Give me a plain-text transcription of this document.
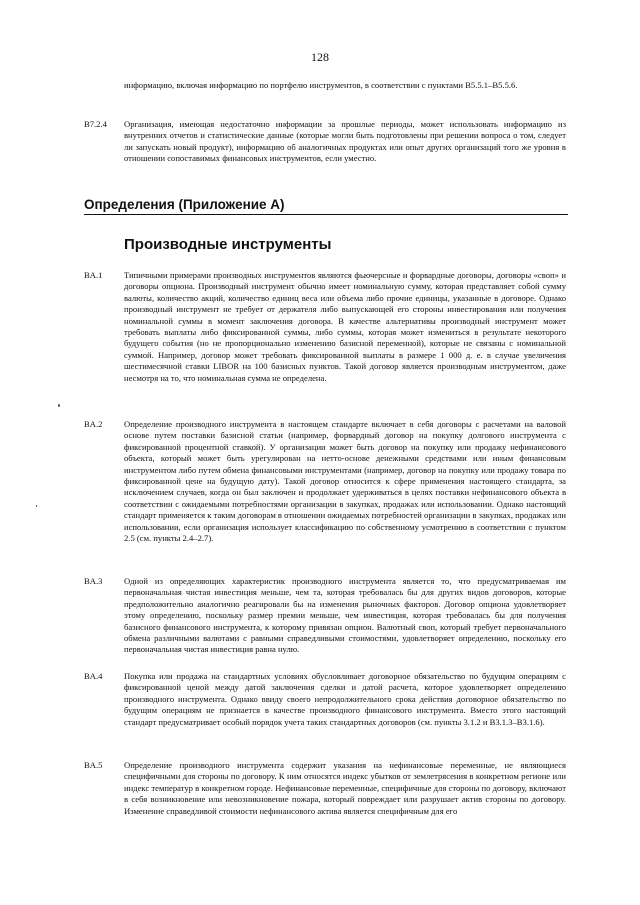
128
информацию, включая информацию по портфелю инструментов, в соответствии с пунктами В5.5.1–В5.5.6.
B7.2.4 Организация, имеющая недостаточно информации за прошлые периоды, может использовать информацию из внутренних отчетов и статистические данные (которые могли быть подготовлены при решении вопроса о том, следует ли запускать новый продукт), информацию об аналогичных продуктах или опыт других организаций того же уровня в отношении сопоставимых финансовых инструментов, если уместно.
Определения (Приложение А)
Производные инструменты
BA.1	Типичными примерами производных инструментов являются фьючерсные и форвардные договоры, договоры «своп» и договоры опциона. Производный инструмент обычно имеет номинальную сумму, которая представляет собой сумму валюты, количество акций, количество единиц веса или объема либо прочие единицы, указанные в договоре. Однако производный инструмент не требует от держателя либо выпускающей его стороны инвестирования или получения номинальной суммы в момент заключения договора. В качестве альтернативы производный инструмент может требовать выплаты либо фиксированной суммы, либо суммы, которая может измениться в результате некоторого будущего события (но не пропорционально изменению базисной переменной), которые не связаны с номинальной суммой. Например, договор может требовать фиксированной выплаты в размере 1 000 д. е. в случае увеличения шестимесячной ставки LIBOR на 100 базисных пунктов. Такой договор является производным инструментом, даже несмотря на то, что номинальная сумма не определена.
BA.2	Определение производного инструмента в настоящем стандарте включает в себя договоры с расчетами на валовой основе путем поставки базисной статьи (например, форвардный договор на покупку долгового инструмента с фиксированной процентной ставкой). У организации может быть договор на покупку или продажу нефинансового объекта, который может быть урегулирован на нетто-основе денежными средствами или иным финансовым инструментом либо путем обмена финансовыми инструментами (например, договор на покупку или продажу товара по фиксированной цене на будущую дату). Такой договор относится к сфере применения настоящего стандарта, за исключением случаев, когда он был заключен и продолжает удерживаться в целях поставки нефинансового объекта в соответствии с ожидаемыми потребностями организации в закупках, продажах или использовании. Однако настоящий стандарт применяется к таким договорам в отношении ожидаемых потребностей организации в закупках, продажах или использовании, если организация использует классификацию по собственному усмотрению в соответствии с пунктом 2.5 (см. пункты 2.4–2.7).
BA.3	Одной из определяющих характеристик производного инструмента является то, что предусматриваемая им первоначальная чистая инвестиция меньше, чем та, которая требовалась бы для других видов договоров, которые предположительно аналогично реагировали бы на изменения рыночных факторов. Договор опциона удовлетворяет этому определению, поскольку размер премии меньше, чем инвестиция, которая требовалась бы для получения базисного финансового инструмента, к которому привязан опцион. Валютный своп, который требует первоначального обмена различными валютами с равными справедливыми стоимостями, удовлетворяет определению, поскольку его первоначальная чистая инвестиция равна нулю.
BA.4	Покупка или продажа на стандартных условиях обусловливает договорное обязательство по будущим операциям с фиксированной ценой между датой заключения сделки и датой расчета, которое удовлетворяет определению производного инструмента. Однако ввиду своего непродолжительного срока действия договорное обязательство по будущим операциям не признается в качестве производного финансового инструмента. Вместо этого настоящий стандарт предусматривает особый порядок учета таких стандартных договоров (см. пункты 3.1.2 и B3.1.3–B3.1.6).
BA.5	Определение производного инструмента содержит указания на нефинансовые переменные, не являющиеся специфичными для стороны по договору. К ним относятся индекс убытков от землетрясения в конкретном регионе или индекс температур в конкретном городе. Нефинансовые переменные, специфичные для стороны по договору, включают в себя возникновение или невозникновение пожара, который повреждает или разрушает актив стороны по договору. Изменение справедливой стоимости нефинансового актива является специфичным для его
